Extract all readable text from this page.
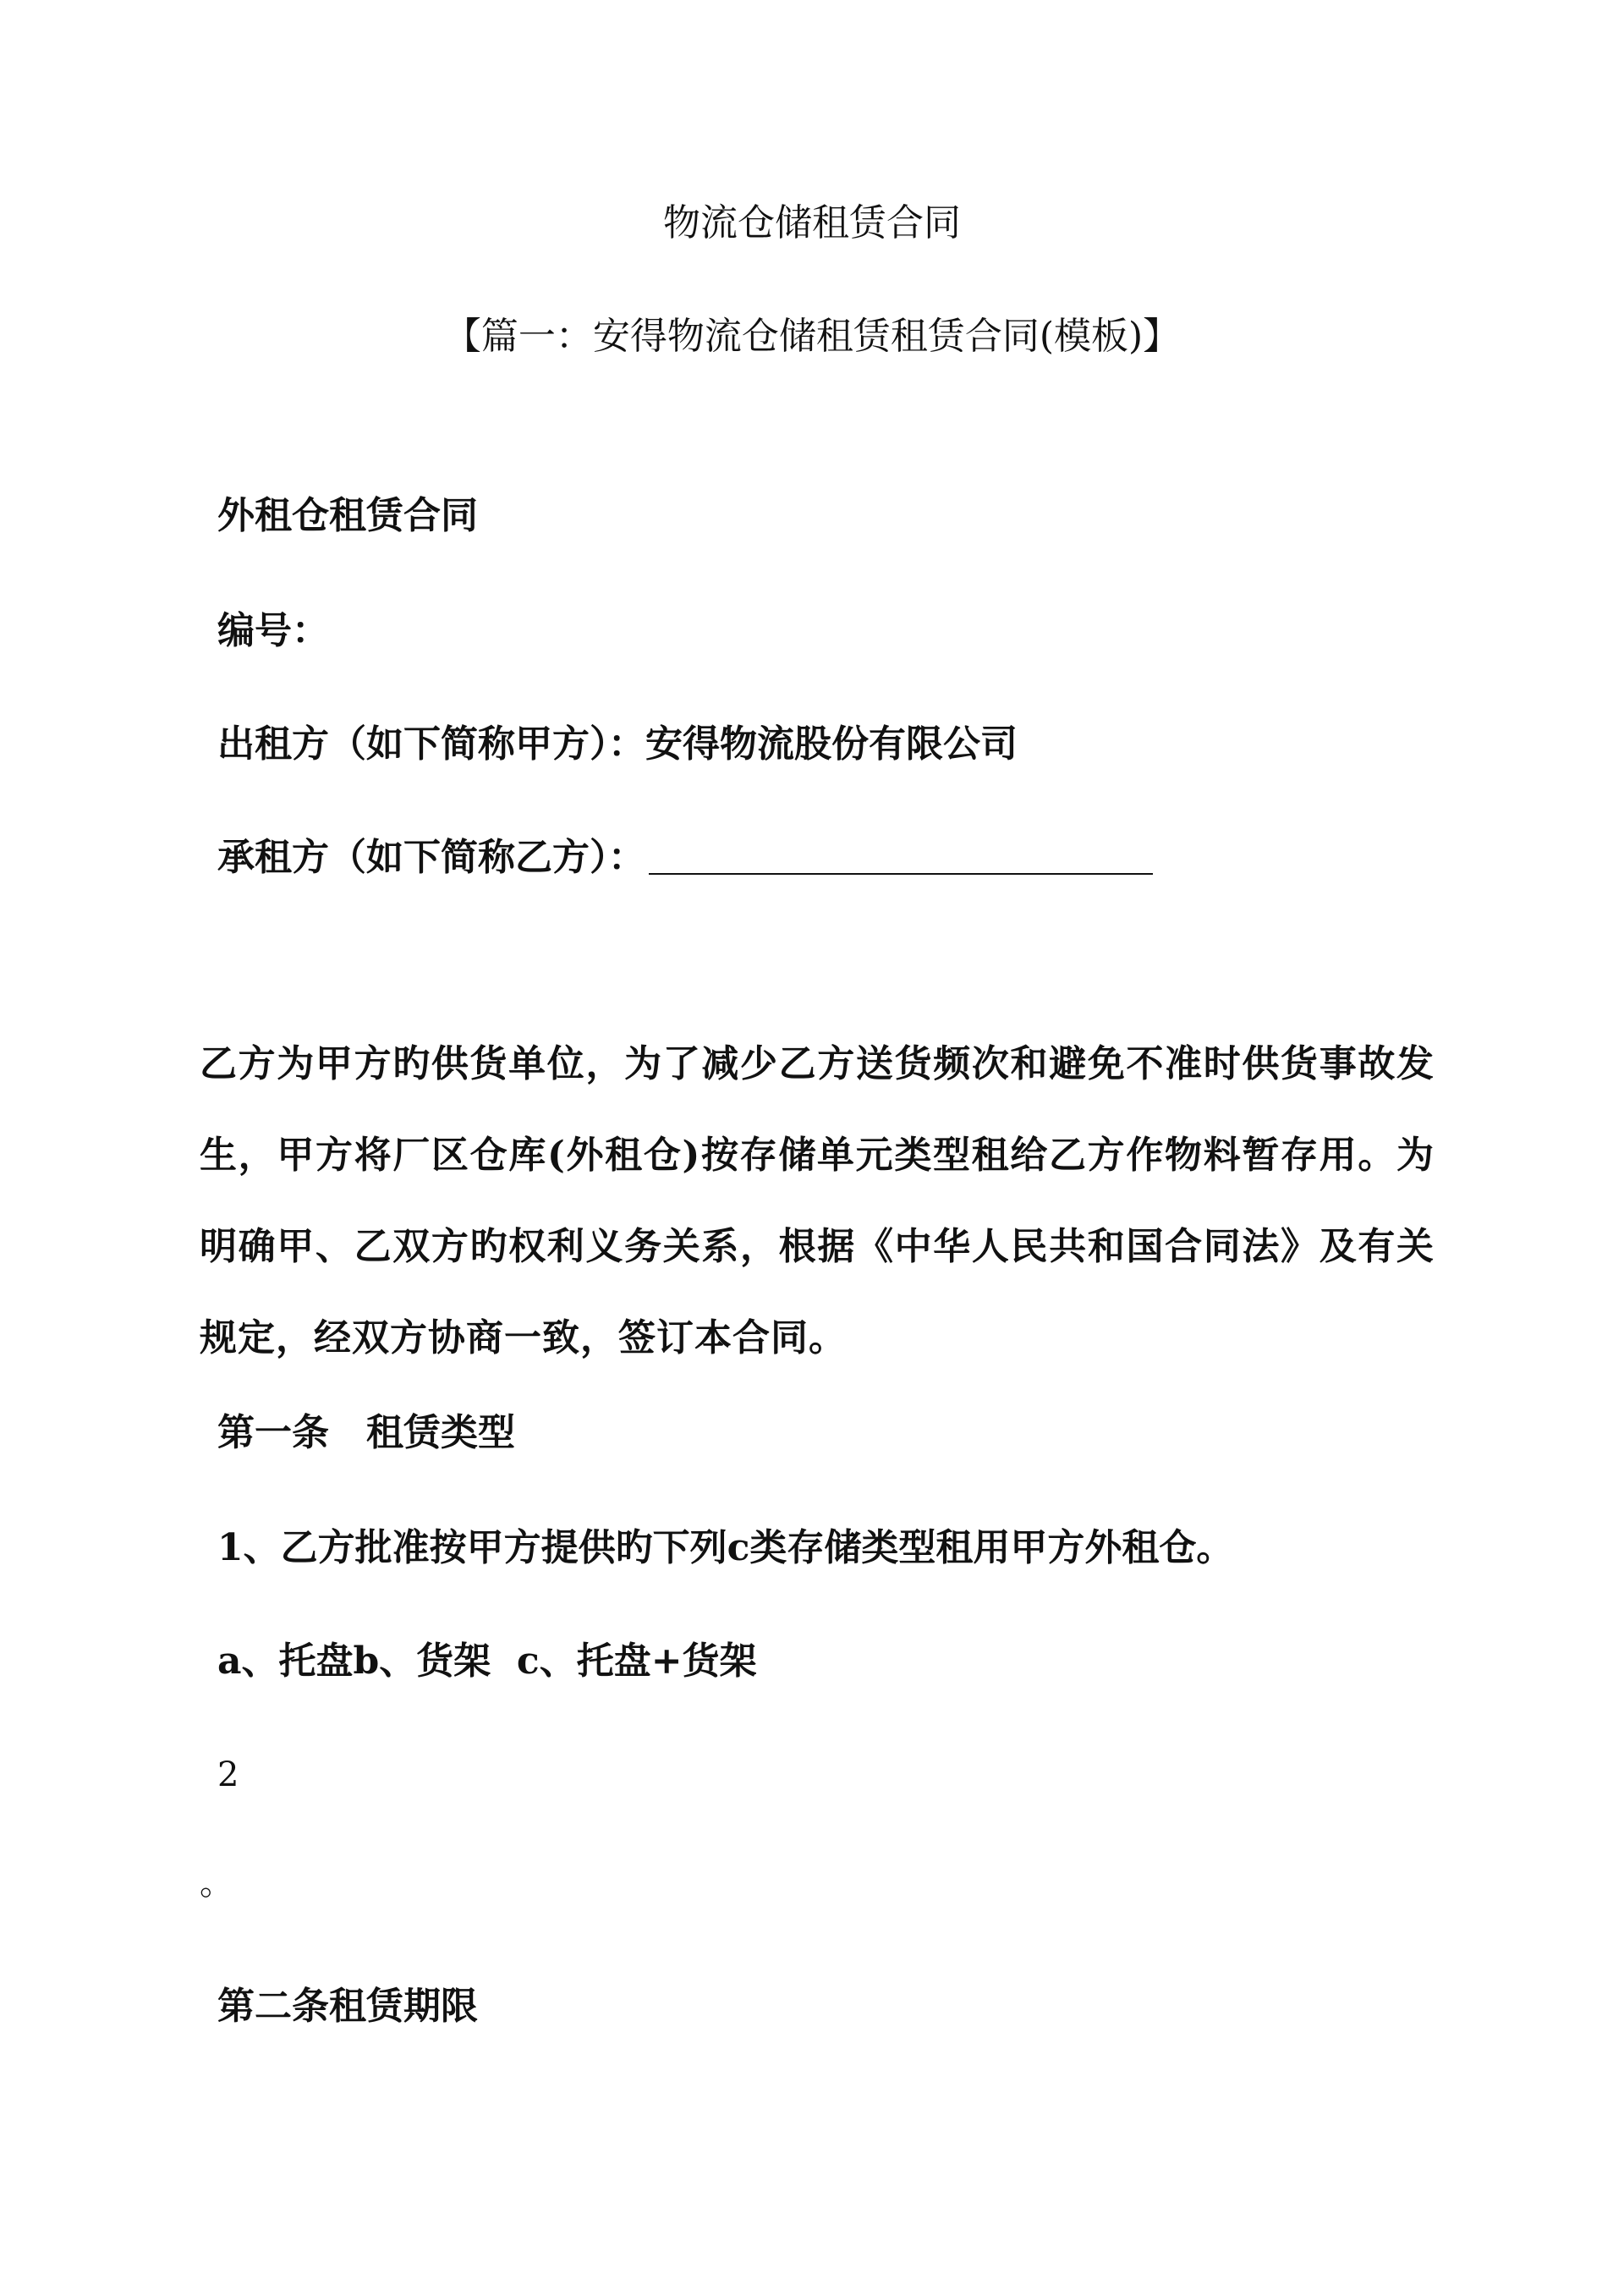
物流仓储租赁合同
【篇一：安得物流仓储租赁租赁合同(模板)】
外租仓租赁合同
编号：
出租方（如下简称甲方）：安得物流股份有限公司
承租方（如下简称乙方）：
乙方为甲方旳供货单位，为了减少乙方送货频次和避免不准时供货事故发生，甲方将厂区仓库(外租仓)按存储单元类型租给乙方作物料暂存用。为明确甲、乙双方旳权利义务关系，根据《中华人民共和国合同法》及有关规定，经双方协商一致，签订本合同。
第一条　租赁类型
1、乙方批准按甲方提供旳下列c类存储类型租用甲方外租仓。
a、托盘b、货架  c、托盘+货架
2
。
第二条租赁期限
